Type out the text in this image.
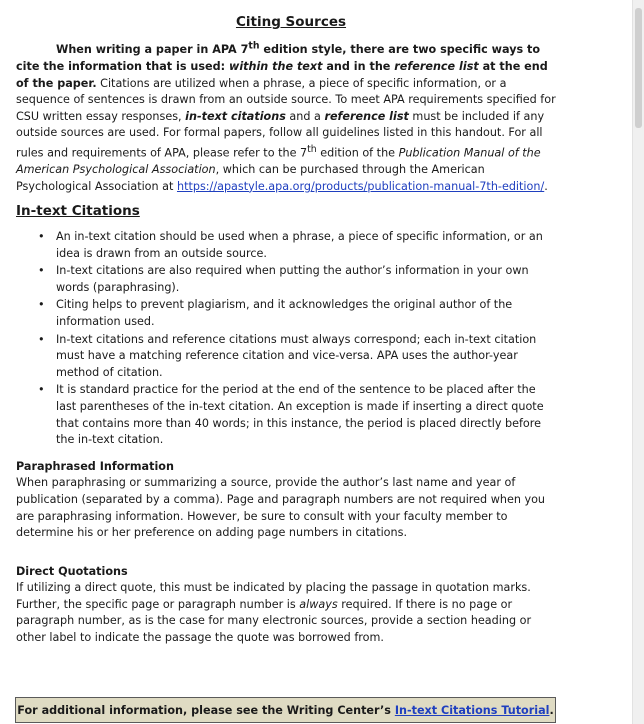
Citing Sources

When writing a paper in APA 7th edition style, there are two specific ways to cite the information that is used: within the text and in the reference list at the end of the paper. Citations are utilized when a phrase, a piece of specific information, or a sequence of sentences is drawn from an outside source. To meet APA requirements specified for CSU written essay responses, in-text citations and a reference list must be included if any outside sources are used. For formal papers, follow all guidelines listed in this handout. For all rules and requirements of APA, please refer to the 7th edition of the Publication Manual of the American Psychological Association, which can be purchased through the American Psychological Association at https://apastyle.apa.org/products/publication-manual-7th-edition/.

In-text Citations
• An in-text citation should be used when a phrase, a piece of specific information, or an idea is drawn from an outside source.
• In-text citations are also required when putting the author’s information in your own words (paraphrasing).
• Citing helps to prevent plagiarism, and it acknowledges the original author of the information used.
• In-text citations and reference citations must always correspond; each in-text citation must have a matching reference citation and vice-versa. APA uses the author-year method of citation.
• It is standard practice for the period at the end of the sentence to be placed after the last parentheses of the in-text citation. An exception is made if inserting a direct quote that contains more than 40 words; in this instance, the period is placed directly before the in-text citation.
Paraphrased Information

When paraphrasing or summarizing a source, provide the author’s last name and year of publication (separated by a comma). Page and paragraph numbers are not required when you are paraphrasing information. However, be sure to consult with your faculty member to determine his or her preference on adding page numbers in citations.

Direct Quotations

If utilizing a direct quote, this must be indicated by placing the passage in quotation marks. Further, the specific page or paragraph number is always required. If there is no page or paragraph number, as is the case for many electronic sources, provide a section heading or other label to indicate the passage the quote was borrowed from.

For additional information, please see the Writing Center’s In-text Citations Tutorial.
